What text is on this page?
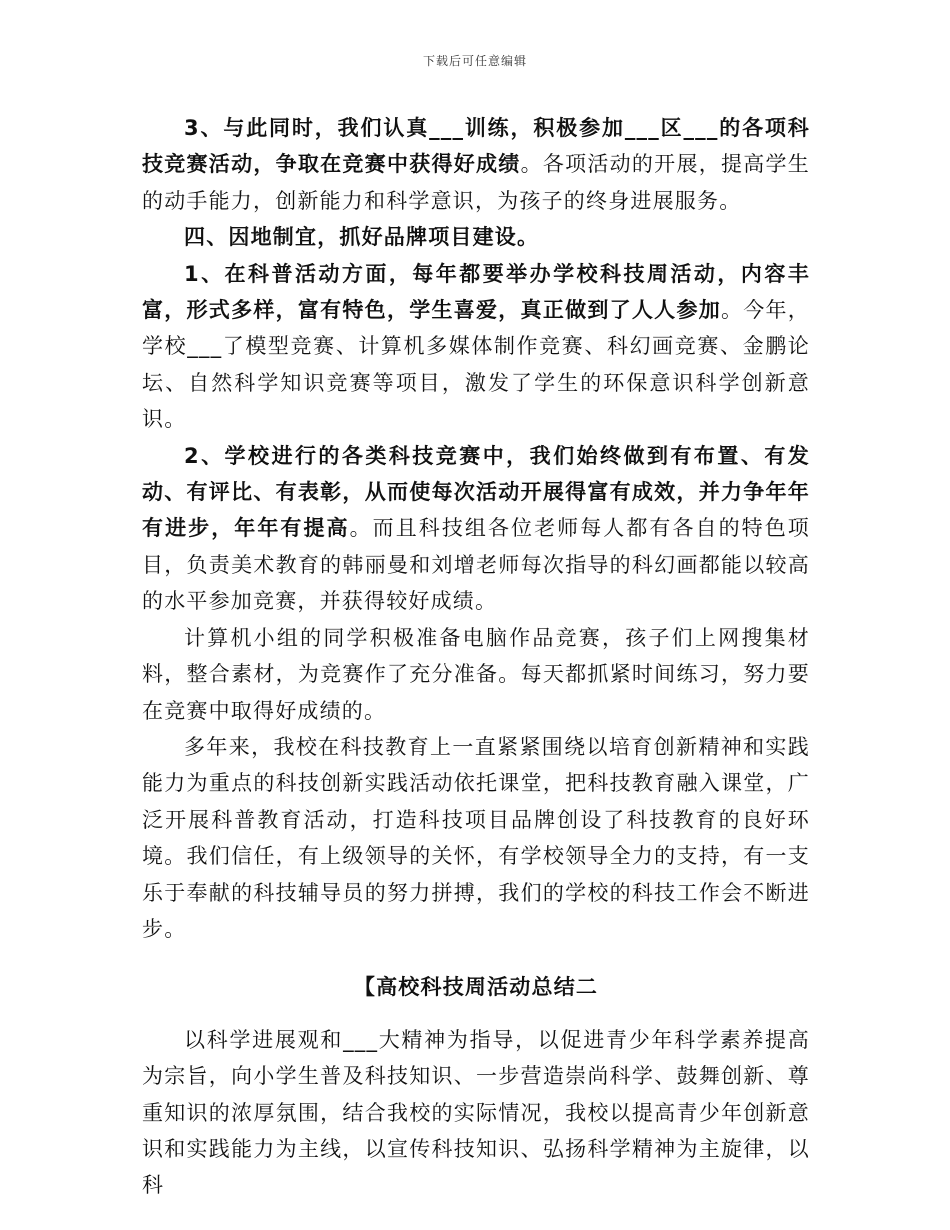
下载后可任意编辑

3、与此同时，我们认真___训练，积极参加___区___的各项科技竞赛活动，争取在竞赛中获得好成绩。各项活动的开展，提高学生的动手能力，创新能力和科学意识，为孩子的终身进展服务。

四、因地制宜，抓好品牌项目建设。

1、在科普活动方面，每年都要举办学校科技周活动，内容丰富，形式多样，富有特色，学生喜爱，真正做到了人人参加。今年，学校___了模型竞赛、计算机多媒体制作竞赛、科幻画竞赛、金鹏论坛、自然科学知识竞赛等项目，激发了学生的环保意识科学创新意识。

2、学校进行的各类科技竞赛中，我们始终做到有布置、有发动、有评比、有表彰，从而使每次活动开展得富有成效，并力争年年有进步，年年有提高。而且科技组各位老师每人都有各自的特色项目，负责美术教育的韩丽曼和刘增老师每次指导的科幻画都能以较高的水平参加竞赛，并获得较好成绩。

计算机小组的同学积极准备电脑作品竞赛，孩子们上网搜集材料，整合素材，为竞赛作了充分准备。每天都抓紧时间练习，努力要在竞赛中取得好成绩的。

多年来，我校在科技教育上一直紧紧围绕以培育创新精神和实践能力为重点的科技创新实践活动依托课堂，把科技教育融入课堂，广泛开展科普教育活动，打造科技项目品牌创设了科技教育的良好环境。我们信任，有上级领导的关怀，有学校领导全力的支持，有一支乐于奉献的科技辅导员的努力拼搏，我们的学校的科技工作会不断进步。

【高校科技周活动总结二

以科学进展观和___大精神为指导，以促进青少年科学素养提高为宗旨，向小学生普及科技知识、一步营造崇尚科学、鼓舞创新、尊重知识的浓厚氛围，结合我校的实际情况，我校以提高青少年创新意识和实践能力为主线，以宣传科技知识、弘扬科学精神为主旋律，以科
